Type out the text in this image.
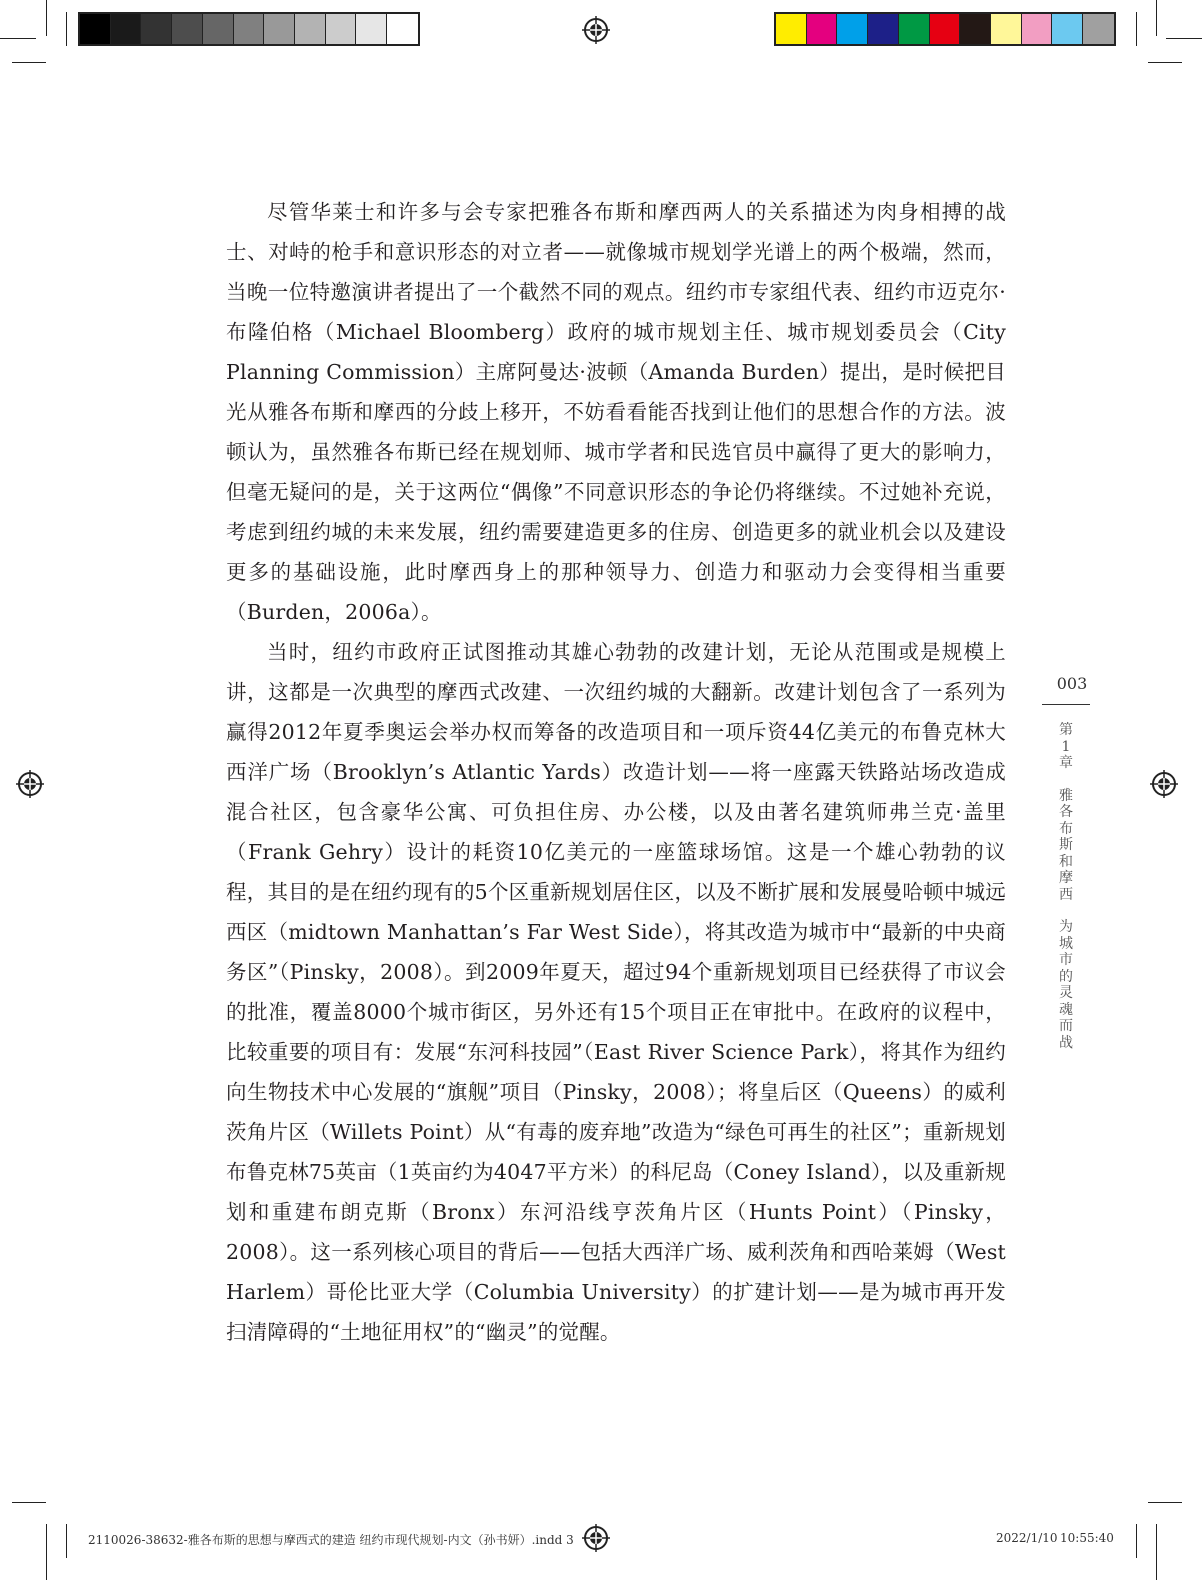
尽管华莱士和许多与会专家把雅各布斯和摩西两人的关系描述为肉身相搏的战士、对峙的枪手和意识形态的对立者——就像城市规划学光谱上的两个极端，然而，当晚一位特邀演讲者提出了一个截然不同的观点。纽约市专家组代表、纽约市迈克尔·布隆伯格（Michael Bloomberg）政府的城市规划主任、城市规划委员会（City Planning Commission）主席阿曼达·波顿（Amanda Burden）提出，是时候把目光从雅各布斯和摩西的分歧上移开，不妨看看能否找到让他们的思想合作的方法。波顿认为，虽然雅各布斯已经在规划师、城市学者和民选官员中赢得了更大的影响力，但毫无疑问的是，关于这两位“偶像”不同意识形态的争论仍将继续。不过她补充说，考虑到纽约城的未来发展，纽约需要建造更多的住房、创造更多的就业机会以及建设更多的基础设施，此时摩西身上的那种领导力、创造力和驱动力会变得相当重要（Burden，2006a）。

当时，纽约市政府正试图推动其雄心勃勃的改建计划，无论从范围或是规模上讲，这都是一次典型的摩西式改建、一次纽约城的大翻新。改建计划包含了一系列为赢得2012年夏季奥运会举办权而筹备的改造项目和一项斥资44亿美元的布鲁克林大西洋广场（Brooklyn’s Atlantic Yards）改造计划——将一座露天铁路站场改造成混合社区，包含豪华公寓、可负担住房、办公楼，以及由著名建筑师弗兰克·盖里（Frank Gehry）设计的耗资10亿美元的一座篮球场馆。这是一个雄心勃勃的议程，其目的是在纽约现有的5个区重新规划居住区，以及不断扩展和发展曼哈顿中城远西区（midtown Manhattan’s Far West Side），将其改造为城市中“最新的中央商务区”（Pinsky，2008）。到2009年夏天，超过94个重新规划项目已经获得了市议会的批准，覆盖8000个城市街区，另外还有15个项目正在审批中。在政府的议程中，比较重要的项目有：发展“东河科技园”（East River Science Park），将其作为纽约向生物技术中心发展的“旗舰”项目（Pinsky，2008）；将皇后区（Queens）的威利茨角片区（Willets Point）从“有毒的废弃地”改造为“绿色可再生的社区”；重新规划布鲁克林75英亩（1英亩约为4047平方米）的科尼岛（Coney Island），以及重新规划和重建布朗克斯（Bronx）东河沿线亨茨角片区（Hunts Point）（Pinsky，2008）。这一系列核心项目的背后——包括大西洋广场、威利茨角和西哈莱姆（West Harlem）哥伦比亚大学（Columbia University）的扩建计划——是为城市再开发扫清障碍的“土地征用权”的“幽灵”的觉醒。

003
第1章
雅各布斯和摩西
为城市的灵魂而战
2110026-38632-雅各布斯的思想与摩西式的建造 纽约市现代规划-内文（孙书妍）.indd 3	2022/1/10 10:55:40
